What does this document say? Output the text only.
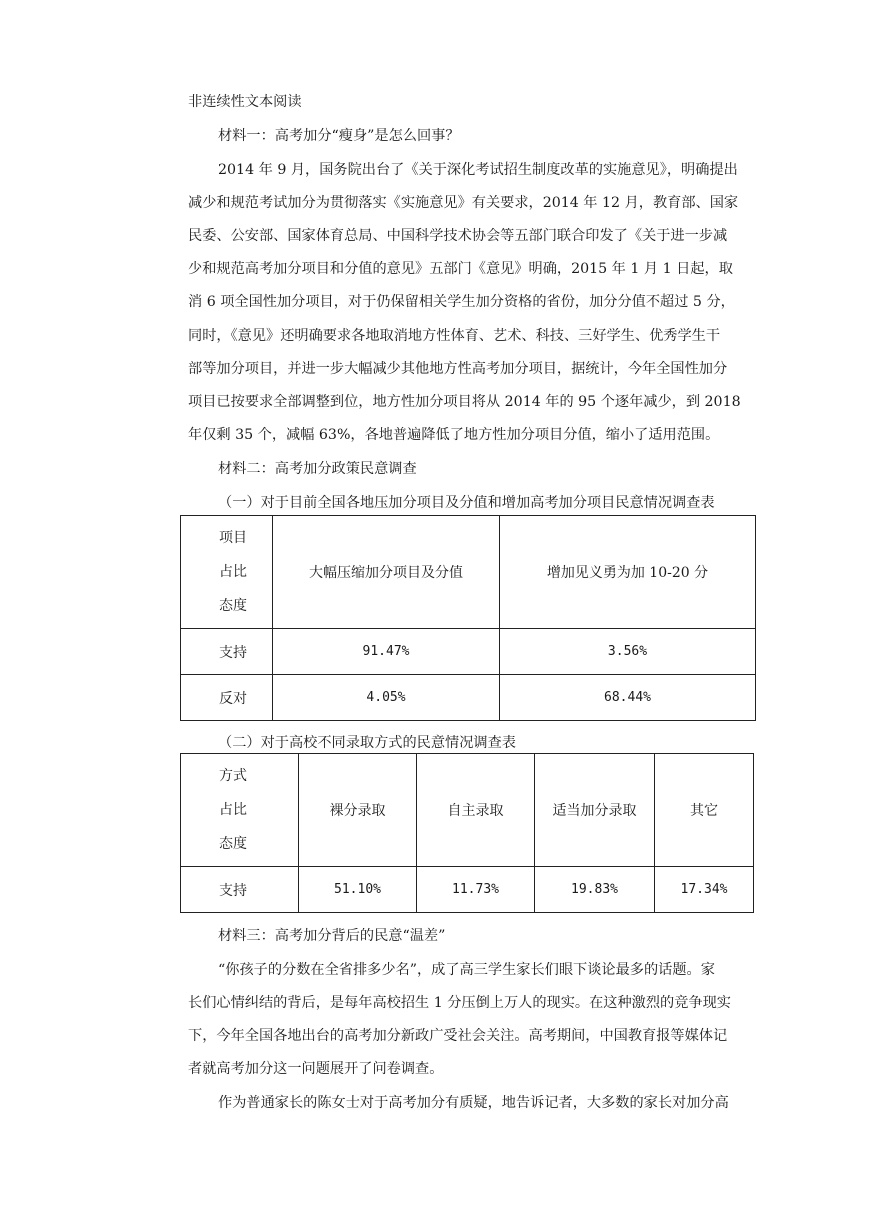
非连续性文本阅读
材料一：高考加分“瘦身”是怎么回事？
2014 年 9 月，国务院出台了《关于深化考试招生制度改革的实施意见》，明确提出
减少和规范考试加分为贯彻落实《实施意见》有关要求，2014 年 12 月，教育部、国家
民委、公安部、国家体育总局、中国科学技术协会等五部门联合印发了《关于进一步减
少和规范高考加分项目和分值的意见》五部门《意见》明确，2015 年 1 月 1 日起，取
消 6 项全国性加分项目，对于仍保留相关学生加分资格的省份，加分分值不超过 5 分，
同时，《意见》还明确要求各地取消地方性体育、艺术、科技、三好学生、优秀学生干
部等加分项目，并进一步大幅减少其他地方性高考加分项目，据统计，今年全国性加分
项目已按要求全部调整到位，地方性加分项目将从 2014 年的 95 个逐年减少，到 2018
年仅剩 35 个，减幅 63%，各地普遍降低了地方性加分项目分值，缩小了适用范围。
材料二：高考加分政策民意调查
（一）对于目前全国各地压加分项目及分值和增加高考加分项目民意情况调查表
项目
占比
态度	大幅压缩加分项目及分值	增加见义勇为加 10-20 分
支持	91.47%	3.56%
反对	4.05%	68.44%
（二）对于高校不同录取方式的民意情况调查表
方式
占比
态度	裸分录取	自主录取	适当加分录取	其它
支持	51.10%	11.73%	19.83%	17.34%
材料三：高考加分背后的民意“温差”
“你孩子的分数在全省排多少名”，成了高三学生家长们眼下谈论最多的话题。家
长们心情纠结的背后，是每年高校招生 1 分压倒上万人的现实。在这种激烈的竞争现实
下，今年全国各地出台的高考加分新政广受社会关注。高考期间，中国教育报等媒体记
者就高考加分这一问题展开了问卷调查。
作为普通家长的陈女士对于高考加分有质疑，地告诉记者，大多数的家长对加分高
